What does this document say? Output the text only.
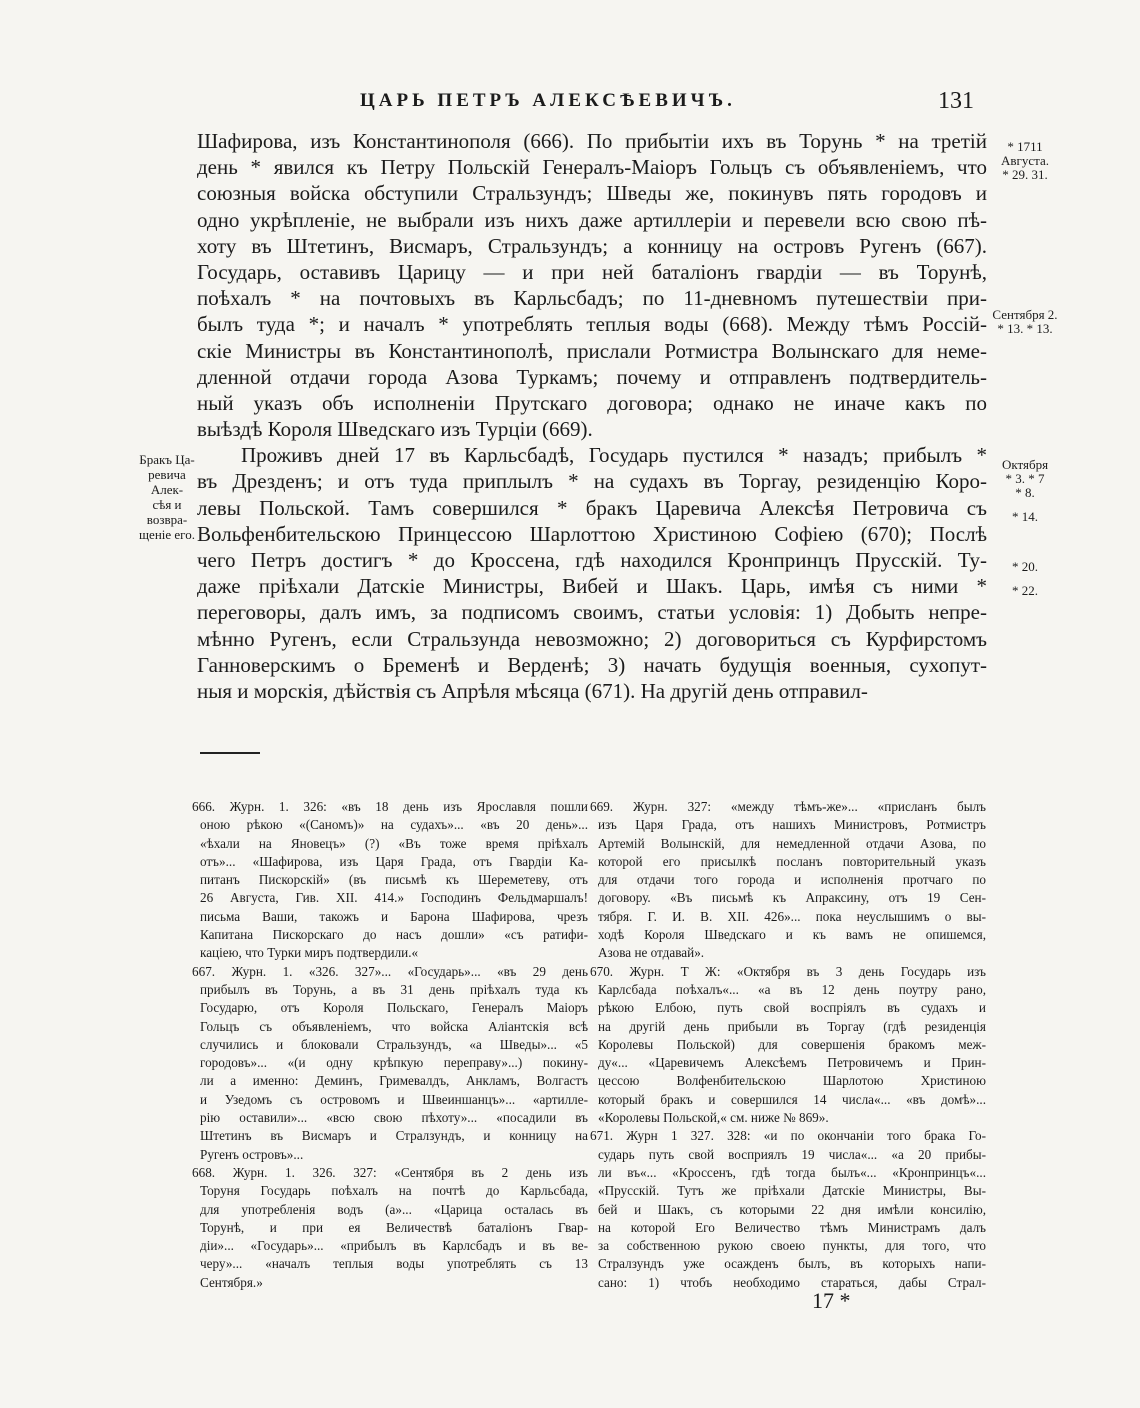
ЦАРЬ ПЕТРЪ АЛЕКСѢЕВИЧЪ.	131
Шафирова, изъ Константинополя (666). По прибытіи ихъ въ Торунь * на третій
день * явился къ Петру Польскій Генералъ-Маіоръ Гольцъ съ объявленіемъ, что
союзныя войска обступили Стральзундъ; Шведы же, покинувъ пять городовъ и
одно укрѣпленіе, не выбрали изъ нихъ даже артиллеріи и перевели всю свою пѣ-
хоту въ Штетинъ, Висмаръ, Стральзундъ; а конницу на островъ Ругенъ (667).
Государь, оставивъ Царицу — и при ней баталіонъ гвардіи — въ Торунѣ,
поѣхалъ * на почтовыхъ въ Карльсбадъ; по 11-дневномъ путешествіи при-
былъ туда *; и началъ * употреблять теплыя воды (668). Между тѣмъ Россій-
скіе Министры въ Константинополѣ, прислали Ротмистра Волынскаго для неме-
дленной отдачи города Азова Туркамъ; почему и отправленъ подтвердитель-
ный указъ объ исполненіи Прутскаго договора; однако не иначе какъ по
выѣздѣ Короля Шведскаго изъ Турціи (669).
Проживъ дней 17 въ Карльсбадѣ, Государь пустился * назадъ; прибылъ *
въ Дрезденъ; и отъ туда приплылъ * на судахъ въ Торгау, резиденцію Коро-
левы Польской. Тамъ совершился * бракъ Царевича Алексѣя Петровича съ
Вольфенбительскою Принцессою Шарлоттою Христиною Софіею (670); Послѣ
чего Петръ достигъ * до Кроссена, гдѣ находился Кронпринцъ Прусскій. Ту-
даже пріѣхали Датскіе Министры, Вибей и Шакъ. Царь, имѣя съ ними *
переговоры, далъ имъ, за подписомъ своимъ, статьи условія: 1) Добыть непре-
мѣнно Ругенъ, если Стральзунда невозможно; 2) договориться съ Курфирстомъ
Ганноверскимъ о Бременѣ и Верденѣ; 3) начать будущія военныя, сухопут-
ныя и морскія, дѣйствія съ Апрѣля мѣсяца (671). На другій день отправил-
Бракъ Ца-
ревича Алек-
сѣя и возвра-
щеніе его.
* 1711
Августа.
* 29. 31.
Сентября 2.
* 13. * 13.
Октября
* 3. * 7
* 8.
* 14.
* 20.
* 22.
666. Журн. 1. 326: «въ 18 день изъ Ярославля пошли
оною рѣкою «(Саномъ)» на судахъ»... «въ 20 день»...
«ѣхали на Яновецъ» (?) «Въ тоже время пріѣхалъ
отъ»... «Шафирова, изъ Царя Града, отъ Гвардіи Ка-
питанъ Пискорскій» (въ письмѣ къ Шереметеву, отъ
26 Августа, Гив. XII. 414.» Господинъ Фельдмаршалъ!
письма Ваши, такожъ и Барона Шафирова, чрезъ
Капитана Пискорскаго до насъ дошли» «съ ратифи-
каціею, что Турки миръ подтвердили.«
667. Журн. 1. «326. 327»... «Государь»... «въ 29 день
прибылъ въ Торунь, а въ 31 день пріѣхалъ туда къ
Государю, отъ Короля Польскаго, Генералъ Маіоръ
Гольцъ съ объявленіемъ, что войска Аліантскія всѣ
случились и блоковали Стральзундъ, «а Шведы»... «5
городовъ»... «(и одну крѣпкую переправу»...) покину-
ли а именно: Деминъ, Гримевалдъ, Анкламъ, Волгастъ
и Узедомъ съ островомъ и Швеиншанцъ»... «артилле-
рію оставили»... «всю свою пѣхоту»... «посадили въ
Штетинъ въ Висмаръ и Стралзундъ, и конницу на
Ругенъ островъ»...
668. Журн. 1. 326. 327: «Сентября въ 2 день изъ
Торуня Государь поѣхалъ на почтѣ до Карльсбада,
для употребленія водъ (а»... «Царица осталась въ
Торунѣ, и при ея Величествѣ баталіонъ Гвар-
діи»... «Государь»... «прибылъ въ Карлсбадъ и въ ве-
черу»... «началъ теплыя воды употреблять съ 13
Сентября.»
669. Журн. 327: «между тѣмъ-же»... «присланъ былъ
изъ Царя Града, отъ нашихъ Министровъ, Ротмистръ
Артемій Волынскій, для немедленной отдачи Азова, по
которой его присылкѣ посланъ повторительный указъ
для отдачи того города и исполненія протчаго по
договору. «Въ письмѣ къ Апраксину, отъ 19 Сен-
тября. Г. И. В. XII. 426»... пока неуслышимъ о вы-
ходѣ Короля Шведскаго и къ вамъ не опишемся,
Азова не отдавай».
670. Журн. Т Ж: «Октября въ 3 день Государь изъ
Карлсбада поѣхалъ«... «а въ 12 день поутру рано,
рѣкою Елбою, путь свой воспріялъ въ судахъ и
на другій день прибыли въ Торгау (гдѣ резиденція
Королевы Польской) для совершенія бракомъ меж-
ду«... «Царевичемъ Алексѣемъ Петровичемъ и Прин-
цессою Волфенбительскою Шарлотою Христиною
который бракъ и совершился 14 числа«... «въ домѣ»...
«Королевы Польской,« см. ниже № 869».
671. Журн 1 327. 328: «и по окончаніи того брака Го-
сударь путь свой восприялъ 19 числа«... «а 20 прибы-
ли въ«... «Кроссенъ, гдѣ тогда былъ«... «Кронпринцъ«...
«Прусскій. Тутъ же пріѣхали Датскіе Министры, Вы-
бей и Шакъ, съ которыми 22 дня имѣли консилію,
на которой Его Величество тѣмъ Министрамъ далъ
за собственною рукою своею пункты, для того, что
Стралзундъ уже осажденъ былъ, въ которыхъ напи-
сано: 1) чтобъ необходимо стараться, дабы Страл-
17 *
